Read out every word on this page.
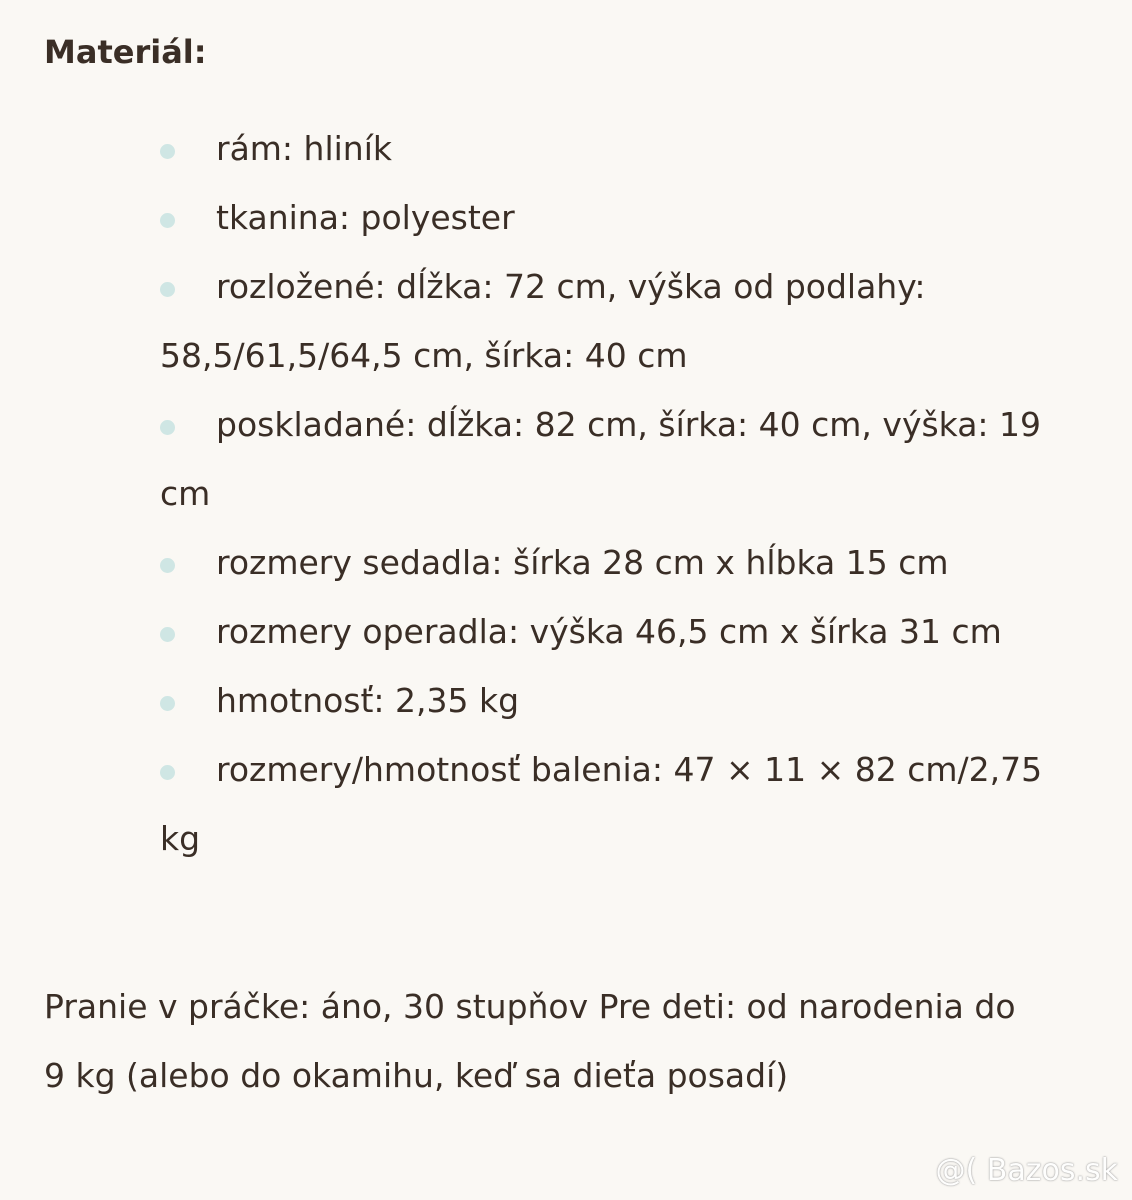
Materiál:
rám: hliník
tkanina: polyester
rozložené: dĺžka: 72 cm, výška od podlahy: 58,5/61,5/64,5 cm, šírka: 40 cm
poskladané: dĺžka: 82 cm, šírka: 40 cm, výška: 19 cm
rozmery sedadla: šírka 28 cm x hĺbka 15 cm
rozmery operadla: výška 46,5 cm x šírka 31 cm
hmotnosť: 2,35 kg
rozmery/hmotnosť balenia: 47 × 11 × 82 cm/2,75 kg

Pranie v práčke: áno, 30 stupňov Pre deti: od narodenia do 9 kg (alebo do okamihu, keď sa dieťa posadí)

@( Bazos.sk
